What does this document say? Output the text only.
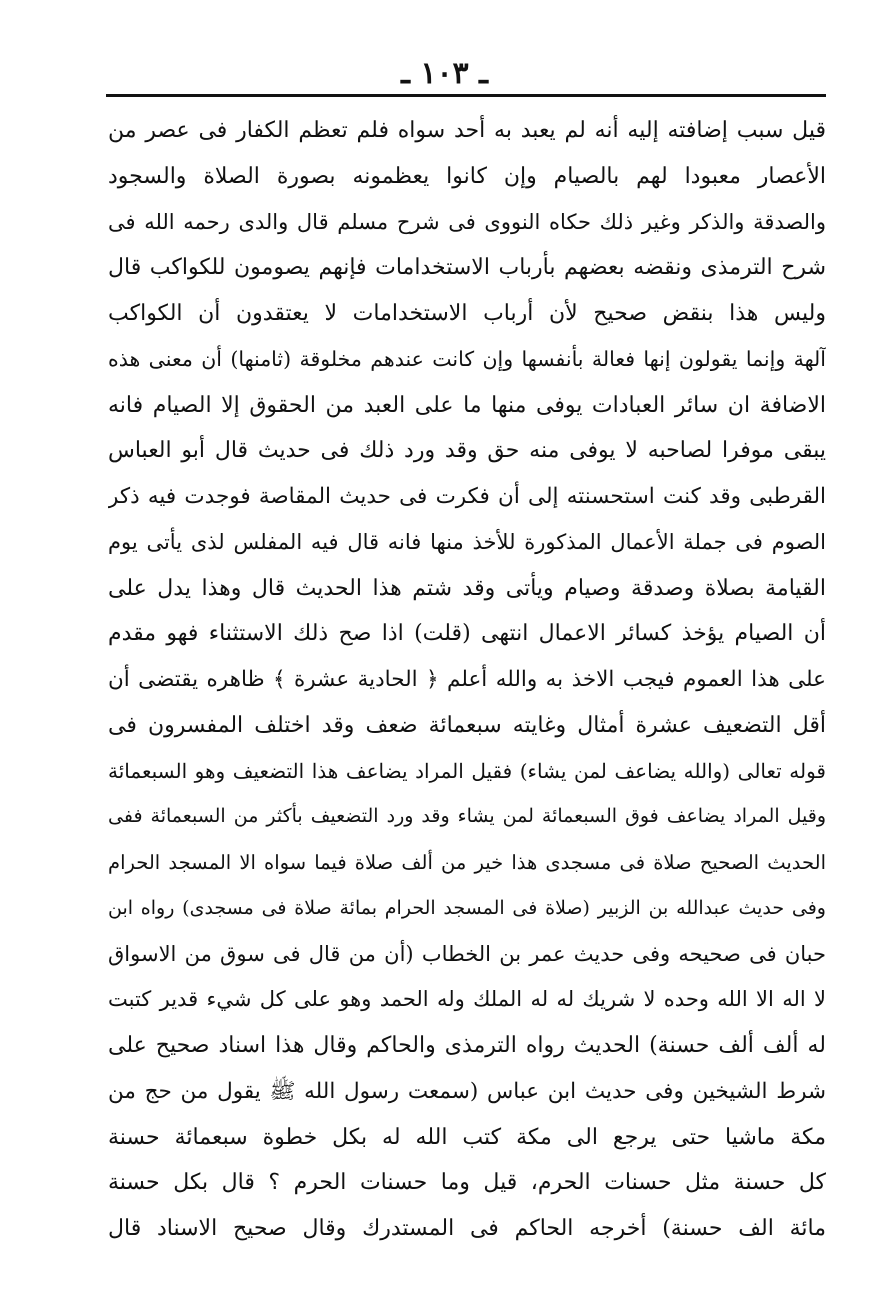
ـ ١٠٣ ـ
قيل سبب إضافته إليه أنه لم يعبد به أحد سواه فلم تعظم الكفار فى عصر من
الأعصار معبودا لهم بالصيام وإن كانوا يعظمونه بصورة الصلاة والسجود
والصدقة والذكر وغير ذلك حكاه النووى فى شرح مسلم قال والدى رحمه الله فى
شرح الترمذى ونقضه بعضهم بأرباب الاستخدامات فإنهم يصومون للكواكب قال
وليس هذا بنقض صحيح لأن أرباب الاستخدامات لا يعتقدون أن الكواكب
آلهة وإنما يقولون إنها فعالة بأنفسها وإن كانت عندهم مخلوقة (ثامنها) أن معنى هذه
الاضافة ان سائر العبادات يوفى منها ما على العبد من الحقوق إلا الصيام فانه
يبقى موفرا لصاحبه لا يوفى منه حق وقد ورد ذلك فى حديث قال أبو العباس
القرطبى وقد كنت استحسنته إلى أن فكرت فى حديث المقاصة فوجدت فيه ذكر
الصوم فى جملة الأعمال المذكورة للأخذ منها فانه قال فيه المفلس لذى يأتى يوم
القيامة بصلاة وصدقة وصيام ويأتى وقد شتم هذا الحديث قال وهذا يدل على
أن الصيام يؤخذ كسائر الاعمال انتهى (قلت) اذا صح ذلك الاستثناء فهو مقدم
على هذا العموم فيجب الاخذ به والله أعلم ﴿ الحادية عشرة ﴾ ظاهره يقتضى أن
أقل التضعيف عشرة أمثال وغايته سبعمائة ضعف وقد اختلف المفسرون فى
قوله تعالى (والله يضاعف لمن يشاء) فقيل المراد يضاعف هذا التضعيف وهو السبعمائة
وقيل المراد يضاعف فوق السبعمائة لمن يشاء وقد ورد التضعيف بأكثر من السبعمائة ففى
الحديث الصحيح صلاة فى مسجدى هذا خير من ألف صلاة فيما سواه الا المسجد الحرام
وفى حديث عبدالله بن الزبير (صلاة فى المسجد الحرام بمائة صلاة فى مسجدى) رواه ابن
حبان فى صحيحه وفى حديث عمر بن الخطاب (أن من قال فى سوق من الاسواق
لا اله الا الله وحده لا شريك له له الملك وله الحمد وهو على كل شيء قدير كتبت
له ألف ألف حسنة) الحديث رواه الترمذى والحاكم وقال هذا اسناد صحيح على
شرط الشيخين وفى حديث ابن عباس (سمعت رسول الله ﷺ يقول من حج من
مكة ماشيا حتى يرجع الى مكة كتب الله له بكل خطوة سبعمائة حسنة
كل حسنة مثل حسنات الحرم، قيل وما حسنات الحرم ؟ قال بكل حسنة
مائة الف حسنة) أخرجه الحاكم فى المستدرك وقال صحيح الاسناد قال
